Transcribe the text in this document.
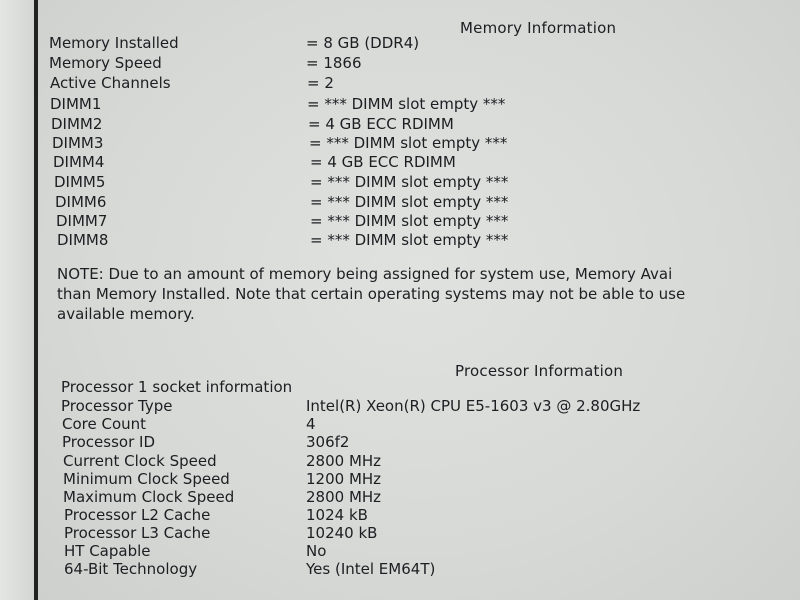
Memory Information
Memory Installed	= 8 GB (DDR4)
Memory Speed	= 1866
Active Channels	= 2
DIMM1	= *** DIMM slot empty ***
DIMM2	= 4 GB ECC RDIMM
DIMM3	= *** DIMM slot empty ***
DIMM4	= 4 GB ECC RDIMM
DIMM5	= *** DIMM slot empty ***
DIMM6	= *** DIMM slot empty ***
DIMM7	= *** DIMM slot empty ***
DIMM8	= *** DIMM slot empty ***
NOTE: Due to an amount of memory being assigned for system use, Memory Avai
than Memory Installed. Note that certain operating systems may not be able to use
available memory.
Processor Information
Processor 1 socket information
Processor Type	Intel(R) Xeon(R) CPU E5-1603 v3 @ 2.80GHz
Core Count	4
Processor ID	306f2
Current Clock Speed	2800 MHz
Minimum Clock Speed	1200 MHz
Maximum Clock Speed	2800 MHz
Processor L2 Cache	1024 kB
Processor L3 Cache	10240 kB
HT Capable	No
64-Bit Technology	Yes (Intel EM64T)
